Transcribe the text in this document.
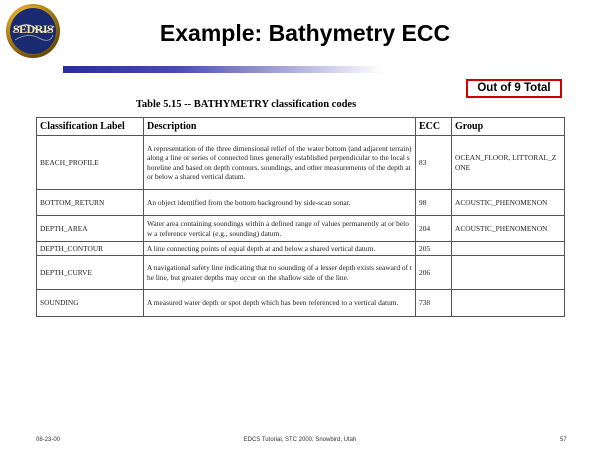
SEDRIS	Example: Bathymetry ECC
Out of 9 Total
Table 5.15 -- BATHYMETRY classification codes
Classification Label	Description	ECC	Group
BEACH_PROFILE	A representation of the three dimensional relief of the water bottom (and adjacent terrain) along a line or series of connected lines generally established perpendicular to the local shoreline and based on depth contours, soundings, and other measurements of the depth at or below a shared vertical datum.	83	OCEAN_FLOOR, LITTORAL_ZONE
BOTTOM_RETURN	An object identified from the bottom background by side-scan sonar.	98	ACOUSTIC_PHENOMENON
DEPTH_AREA	Water area containing soundings within a defined range of values permanently at or below a reference vertical (e.g., sounding) datum.	204	ACOUSTIC_PHENOMENON
DEPTH_CONTOUR	A line connecting points of equal depth at and below a shared vertical datum.	205	
DEPTH_CURVE	A navigational safety line indicating that no sounding of a lesser depth exists seaward of the line, but greater depths may occur on the shallow side of the line.	206	
SOUNDING	A measured water depth or spot depth which has been referenced to a vertical datum.	738	
08-23-00	EDCS Tutorial, STC 2000, Snowbird, Utah	57
